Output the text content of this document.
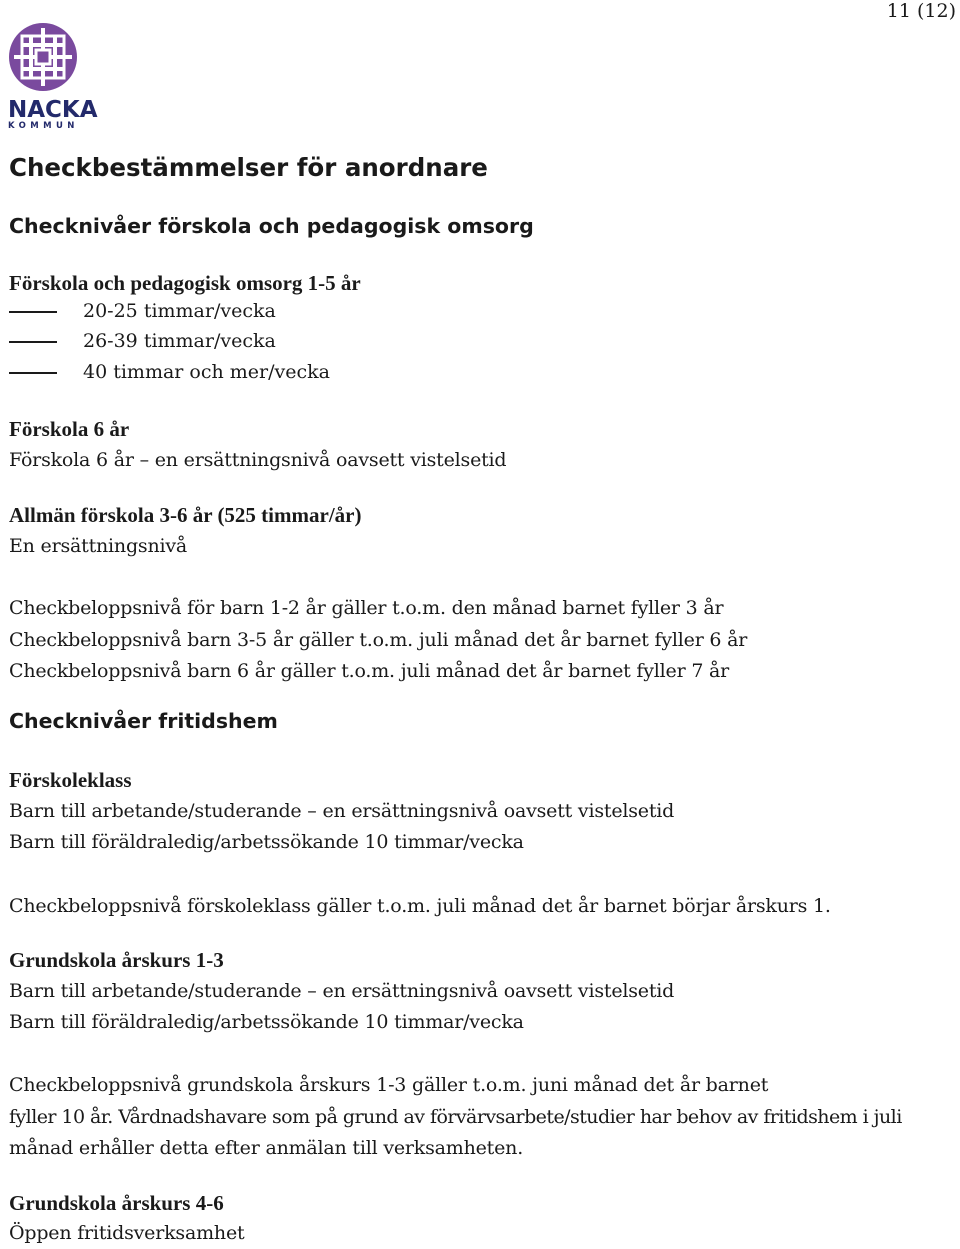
11 (12)
NACKA
KOMMUN
Checkbestämmelser för anordnare
Checknivåer förskola och pedagogisk omsorg
Förskola och pedagogisk omsorg 1-5 år
20-25 timmar/vecka
26-39 timmar/vecka
40 timmar och mer/vecka
Förskola 6 år
Förskola 6 år – en ersättningsnivå oavsett vistelsetid
Allmän förskola 3-6 år (525 timmar/år)
En ersättningsnivå
Checkbeloppsnivå för barn 1-2 år gäller t.o.m. den månad barnet fyller 3 år
Checkbeloppsnivå barn 3-5 år gäller t.o.m. juli månad det år barnet fyller 6 år
Checkbeloppsnivå barn 6 år gäller t.o.m. juli månad det år barnet fyller 7 år
Checknivåer fritidshem
Förskoleklass
Barn till arbetande/studerande – en ersättningsnivå oavsett vistelsetid
Barn till föräldraledig/arbetssökande 10 timmar/vecka
Checkbeloppsnivå förskoleklass gäller t.o.m. juli månad det år barnet börjar årskurs 1.
Grundskola årskurs 1-3
Barn till arbetande/studerande – en ersättningsnivå oavsett vistelsetid
Barn till föräldraledig/arbetssökande 10 timmar/vecka
Checkbeloppsnivå grundskola årskurs 1-3 gäller t.o.m. juni månad det år barnet
fyller 10 år. Vårdnadshavare som på grund av förvärvsarbete/studier har behov av fritidshem i juli
månad erhåller detta efter anmälan till verksamheten.
Grundskola årskurs 4-6
Öppen fritidsverksamhet
